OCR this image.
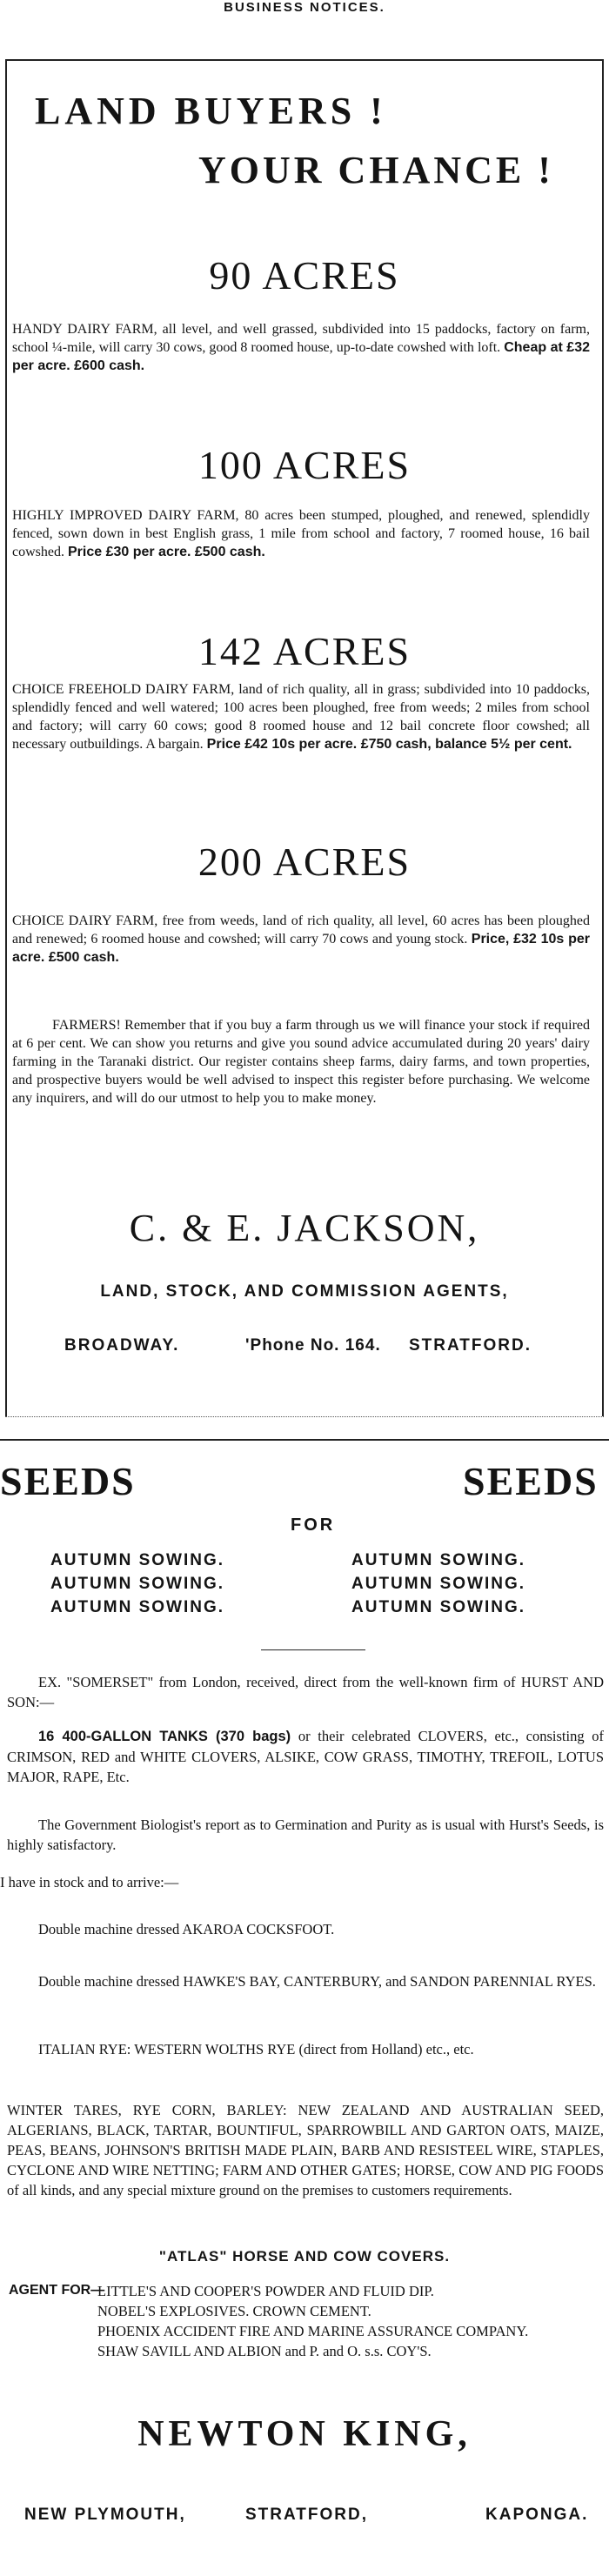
BUSINESS NOTICES.
LAND BUYERS !
YOUR CHANCE !
90 ACRES
HANDY DAIRY FARM, all level, and well grassed, subdivided into 15 paddocks, factory on farm, school ¼-mile, will carry 30 cows, good 8 roomed house, up-to-date cowshed with loft. Cheap at £32 per acre. £600 cash.
100 ACRES
HIGHLY IMPROVED DAIRY FARM, 80 acres been stumped, ploughed, and renewed, splendidly fenced, sown down in best English grass, 1 mile from school and factory, 7 roomed house, 16 bail cowshed. Price £30 per acre. £500 cash.
142 ACRES
CHOICE FREEHOLD DAIRY FARM, land of rich quality, all in grass; subdivided into 10 paddocks, splendidly fenced and well watered; 100 acres been ploughed, free from weeds; 2 miles from school and factory; will carry 60 cows; good 8 roomed house and 12 bail concrete floor cowshed; all necessary outbuildings. A bargain. Price £42 10s per acre. £750 cash, balance 5½ per cent.
200 ACRES
CHOICE DAIRY FARM, free from weeds, land of rich quality, all level, 60 acres has been ploughed and renewed; 6 roomed house and cowshed; will carry 70 cows and young stock. Price, £32 10s per acre. £500 cash.
FARMERS! Remember that if you buy a farm through us we will finance your stock if required at 6 per cent. We can show you returns and give you sound advice accumulated during 20 years' dairy farming in the Taranaki district. Our register contains sheep farms, dairy farms, and town properties, and prospective buyers would be well advised to inspect this register before purchasing. We welcome any inquirers, and will do our utmost to help you to make money.
C. & E. JACKSON,
LAND, STOCK, AND COMMISSION AGENTS,
BROADWAY.	'Phone No. 164. STRATFORD.
SEEDS	SEEDS
FOR
AUTUMN SOWING.
AUTUMN SOWING.
AUTUMN SOWING.
AUTUMN SOWING.
AUTUMN SOWING.
AUTUMN SOWING.
EX. "SOMERSET" from London, received, direct from the well-known firm of HURST AND SON:—
16 400-GALLON TANKS (370 bags) or their celebrated CLOVERS, etc., consisting of CRIMSON, RED and WHITE CLOVERS, ALSIKE, COW GRASS, TIMOTHY, TREFOIL, LOTUS MAJOR, RAPE, Etc.
The Government Biologist's report as to Germination and Purity as is usual with Hurst's Seeds, is highly satisfactory.
I have in stock and to arrive:—
Double machine dressed AKAROA COCKSFOOT.
Double machine dressed HAWKE'S BAY, CANTERBURY, and SANDON PARENNIAL RYES.
ITALIAN RYE: WESTERN WOLTHS RYE (direct from Holland) etc., etc.
WINTER TARES, RYE CORN, BARLEY: NEW ZEALAND AND AUSTRALIAN SEED, ALGERIANS, BLACK, TARTAR, BOUNTIFUL, SPARROWBILL AND GARTON OATS, MAIZE, PEAS, BEANS, JOHNSON'S BRITISH MADE PLAIN, BARB AND RESISTEEL WIRE, STAPLES, CYCLONE AND WIRE NETTING; FARM AND OTHER GATES; HORSE, COW AND PIG FOODS of all kinds, and any special mixture ground on the premises to customers requirements.
"ATLAS" HORSE AND COW COVERS.
AGENT FOR—
LITTLE'S AND COOPER'S POWDER AND FLUID DIP.
NOBEL'S EXPLOSIVES. CROWN CEMENT.
PHOENIX ACCIDENT FIRE AND MARINE ASSURANCE COMPANY.
SHAW SAVILL AND ALBION and P. and O. s.s. COY'S.
NEWTON KING,
NEW PLYMOUTH,	STRATFORD,	KAPONGA.
